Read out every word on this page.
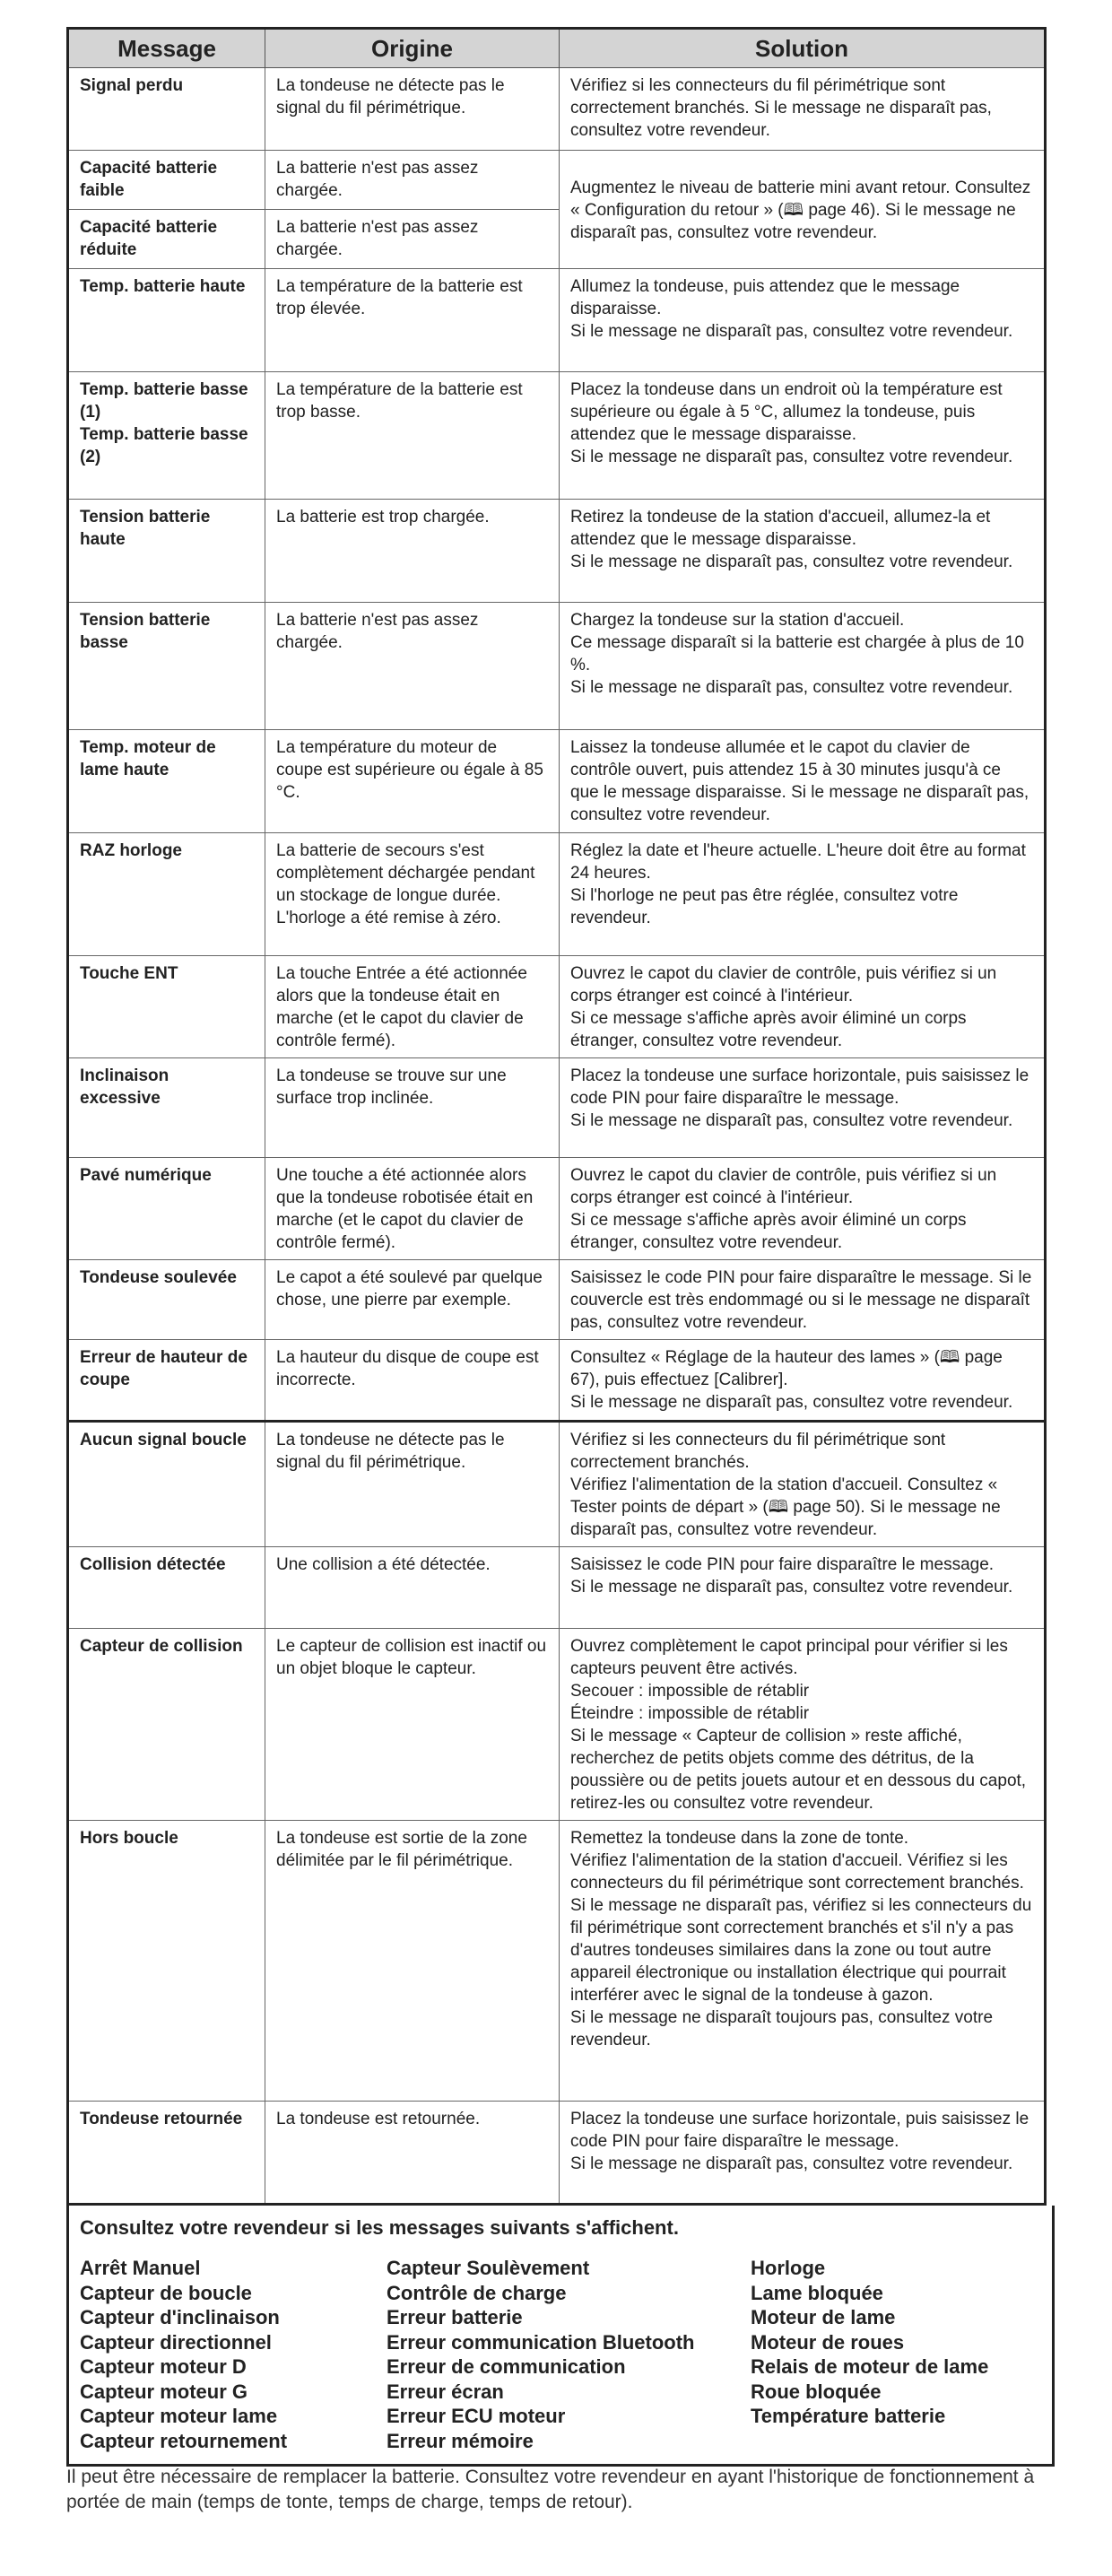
Message	Origine	Solution

Signal perdu	La tondeuse ne détecte pas le signal du fil périmétrique.	Vérifiez si les connecteurs du fil périmétrique sont correctement branchés. Si le message ne disparaît pas, consultez votre revendeur.

Capacité batterie faible	La batterie n'est pas assez chargée.	Augmentez le niveau de batterie mini avant retour. Consultez « Configuration du retour » (🕮 page 46). Si le message ne disparaît pas, consultez votre revendeur.

Capacité batterie réduite	La batterie n'est pas assez chargée.	

Temp. batterie haute	La température de la batterie est trop élevée.	Allumez la tondeuse, puis attendez que le message disparaisse.
Si le message ne disparaît pas, consultez votre revendeur.

Temp. batterie basse (1)
Temp. batterie basse (2)	La température de la batterie est trop basse.	Placez la tondeuse dans un endroit où la température est supérieure ou égale à 5 °C, allumez la tondeuse, puis attendez que le message disparaisse.
Si le message ne disparaît pas, consultez votre revendeur.

Tension batterie haute	La batterie est trop chargée.	Retirez la tondeuse de la station d'accueil, allumez-la et attendez que le message disparaisse.
Si le message ne disparaît pas, consultez votre revendeur.

Tension batterie basse	La batterie n'est pas assez chargée.	Chargez la tondeuse sur la station d'accueil.
Ce message disparaît si la batterie est chargée à plus de 10 %.
Si le message ne disparaît pas, consultez votre revendeur.

Temp. moteur de lame haute	La température du moteur de coupe est supérieure ou égale à 85 °C.	Laissez la tondeuse allumée et le capot du clavier de contrôle ouvert, puis attendez 15 à 30 minutes jusqu'à ce que le message disparaisse. Si le message ne disparaît pas, consultez votre revendeur.

RAZ horloge	La batterie de secours s'est complètement déchargée pendant un stockage de longue durée. L'horloge a été remise à zéro.	Réglez la date et l'heure actuelle. L'heure doit être au format 24 heures.
Si l'horloge ne peut pas être réglée, consultez votre revendeur.

Touche ENT	La touche Entrée a été actionnée alors que la tondeuse était en marche (et le capot du clavier de contrôle fermé).	Ouvrez le capot du clavier de contrôle, puis vérifiez si un corps étranger est coincé à l'intérieur.
Si ce message s'affiche après avoir éliminé un corps étranger, consultez votre revendeur.

Inclinaison excessive	La tondeuse se trouve sur une surface trop inclinée.	Placez la tondeuse une surface horizontale, puis saisissez le code PIN pour faire disparaître le message.
Si le message ne disparaît pas, consultez votre revendeur.

Pavé numérique	Une touche a été actionnée alors que la tondeuse robotisée était en marche (et le capot du clavier de contrôle fermé).	Ouvrez le capot du clavier de contrôle, puis vérifiez si un corps étranger est coincé à l'intérieur.
Si ce message s'affiche après avoir éliminé un corps étranger, consultez votre revendeur.

Tondeuse soulevée	Le capot a été soulevé par quelque chose, une pierre par exemple.	Saisissez le code PIN pour faire disparaître le message. Si le couvercle est très endommagé ou si le message ne disparaît pas, consultez votre revendeur.

Erreur de hauteur de coupe	La hauteur du disque de coupe est incorrecte.	Consultez « Réglage de la hauteur des lames » (🕮 page 67), puis effectuez [Calibrer].
Si le message ne disparaît pas, consultez votre revendeur.

Aucun signal boucle	La tondeuse ne détecte pas le signal du fil périmétrique.	Vérifiez si les connecteurs du fil périmétrique sont correctement branchés.
Vérifiez l'alimentation de la station d'accueil. Consultez « Tester points de départ » (🕮 page 50). Si le message ne disparaît pas, consultez votre revendeur.

Collision détectée	Une collision a été détectée.	Saisissez le code PIN pour faire disparaître le message.
Si le message ne disparaît pas, consultez votre revendeur.

Capteur de collision	Le capteur de collision est inactif ou un objet bloque le capteur.	Ouvrez complètement le capot principal pour vérifier si les capteurs peuvent être activés.
Secouer : impossible de rétablir
Éteindre : impossible de rétablir
Si le message « Capteur de collision » reste affiché, recherchez de petits objets comme des détritus, de la poussière ou de petits jouets autour et en dessous du capot, retirez-les ou consultez votre revendeur.

Hors boucle	La tondeuse est sortie de la zone délimitée par le fil périmétrique.	Remettez la tondeuse dans la zone de tonte.
Vérifiez l'alimentation de la station d'accueil. Vérifiez si les connecteurs du fil périmétrique sont correctement branchés.
Si le message ne disparaît pas, vérifiez si les connecteurs du fil périmétrique sont correctement branchés et s'il n'y a pas d'autres tondeuses similaires dans la zone ou tout autre appareil électronique ou installation électrique qui pourrait interférer avec le signal de la tondeuse à gazon.
Si le message ne disparaît toujours pas, consultez votre revendeur.

Tondeuse retournée	La tondeuse est retournée.	Placez la tondeuse une surface horizontale, puis saisissez le code PIN pour faire disparaître le message.
Si le message ne disparaît pas, consultez votre revendeur.
Consultez votre revendeur si les messages suivants s'affichent.
Arrêt Manuel
Capteur de boucle
Capteur d'inclinaison
Capteur directionnel
Capteur moteur D
Capteur moteur G
Capteur moteur lame
Capteur retournement
Capteur Soulèvement
Contrôle de charge
Erreur batterie
Erreur communication Bluetooth
Erreur de communication
Erreur écran
Erreur ECU moteur
Erreur mémoire
Horloge
Lame bloquée
Moteur de lame
Moteur de roues
Relais de moteur de lame
Roue bloquée
Température batterie
Il peut être nécessaire de remplacer la batterie. Consultez votre revendeur en ayant l'historique de fonctionnement à portée de main (temps de tonte, temps de charge, temps de retour).
